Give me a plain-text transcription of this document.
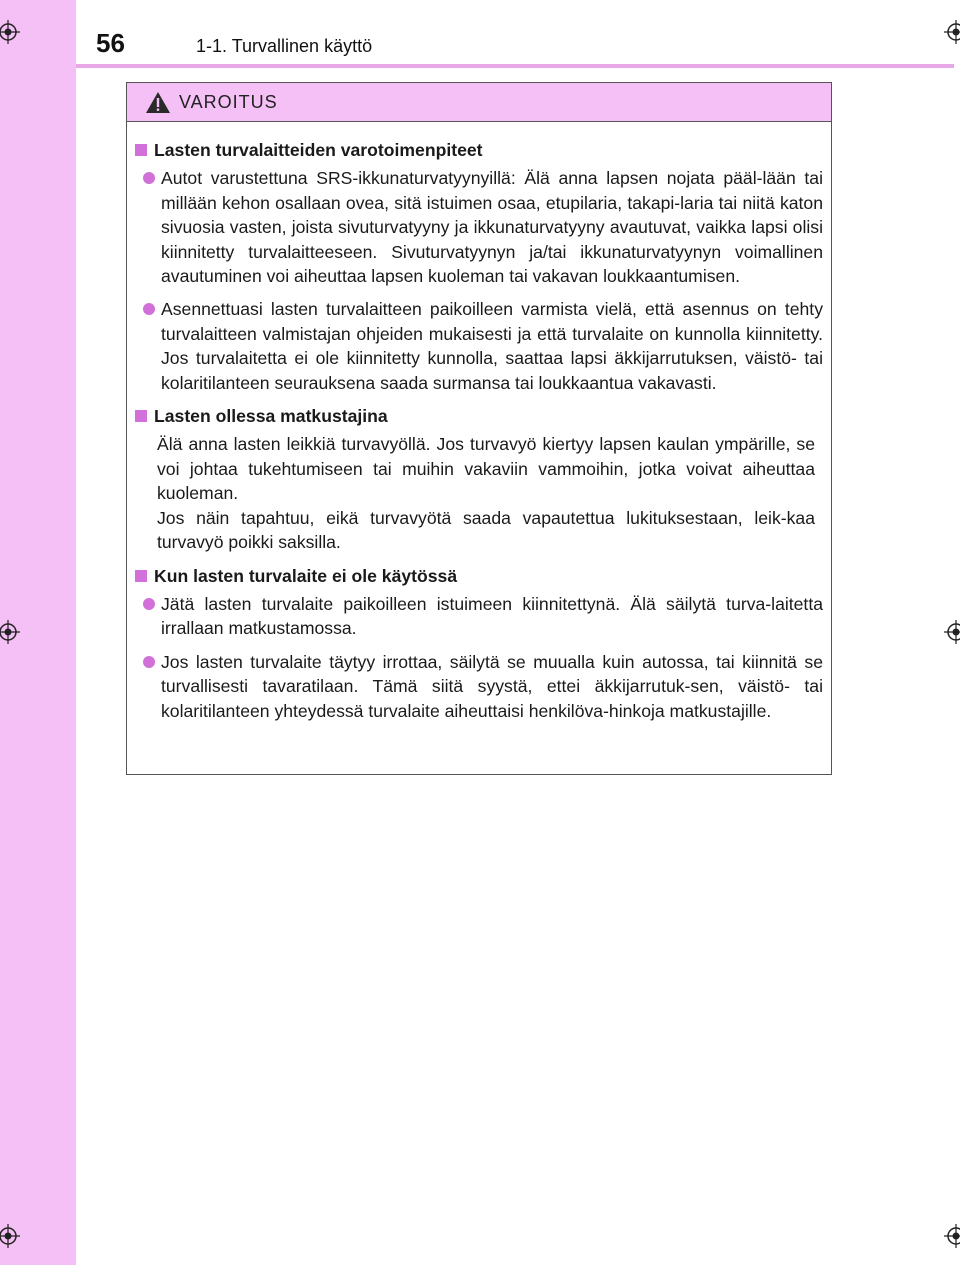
56	1-1. Turvallinen käyttö
VAROITUS
Lasten turvalaitteiden varotoimenpiteet
Autot varustettuna SRS-ikkunaturvatyynyillä: Älä anna lapsen nojata pääl-lään tai millään kehon osallaan ovea, sitä istuimen osaa, etupilaria, takapi-laria tai niitä katon sivuosia vasten, joista sivuturvatyyny ja ikkunaturvatyyny avautuvat, vaikka lapsi olisi kiinnitetty turvalaitteeseen. Sivuturvatyynyn ja/tai ikkunaturvatyynyn voimallinen avautuminen voi aiheuttaa lapsen kuoleman tai vakavan loukkaantumisen.
Asennettuasi lasten turvalaitteen paikoilleen varmista vielä, että asennus on tehty turvalaitteen valmistajan ohjeiden mukaisesti ja että turvalaite on kunnolla kiinnitetty. Jos turvalaitetta ei ole kiinnitetty kunnolla, saattaa lapsi äkkijarrutuksen, väistö- tai kolaritilanteen seurauksena saada surmansa tai loukkaantua vakavasti.
Lasten ollessa matkustajina
Älä anna lasten leikkiä turvavyöllä. Jos turvavyö kiertyy lapsen kaulan ympärille, se voi johtaa tukehtumiseen tai muihin vakaviin vammoihin, jotka voivat aiheuttaa kuoleman.
Jos näin tapahtuu, eikä turvavyötä saada vapautettua lukituksestaan, leik-kaa turvavyö poikki saksilla.
Kun lasten turvalaite ei ole käytössä
Jätä lasten turvalaite paikoilleen istuimeen kiinnitettynä. Älä säilytä turva-laitetta irrallaan matkustamossa.
Jos lasten turvalaite täytyy irrottaa, säilytä se muualla kuin autossa, tai kiinnitä se turvallisesti tavaratilaan. Tämä siitä syystä, ettei äkkijarrutuk-sen, väistö- tai kolaritilanteen yhteydessä turvalaite aiheuttaisi henkilöva-hinkoja matkustajille.
